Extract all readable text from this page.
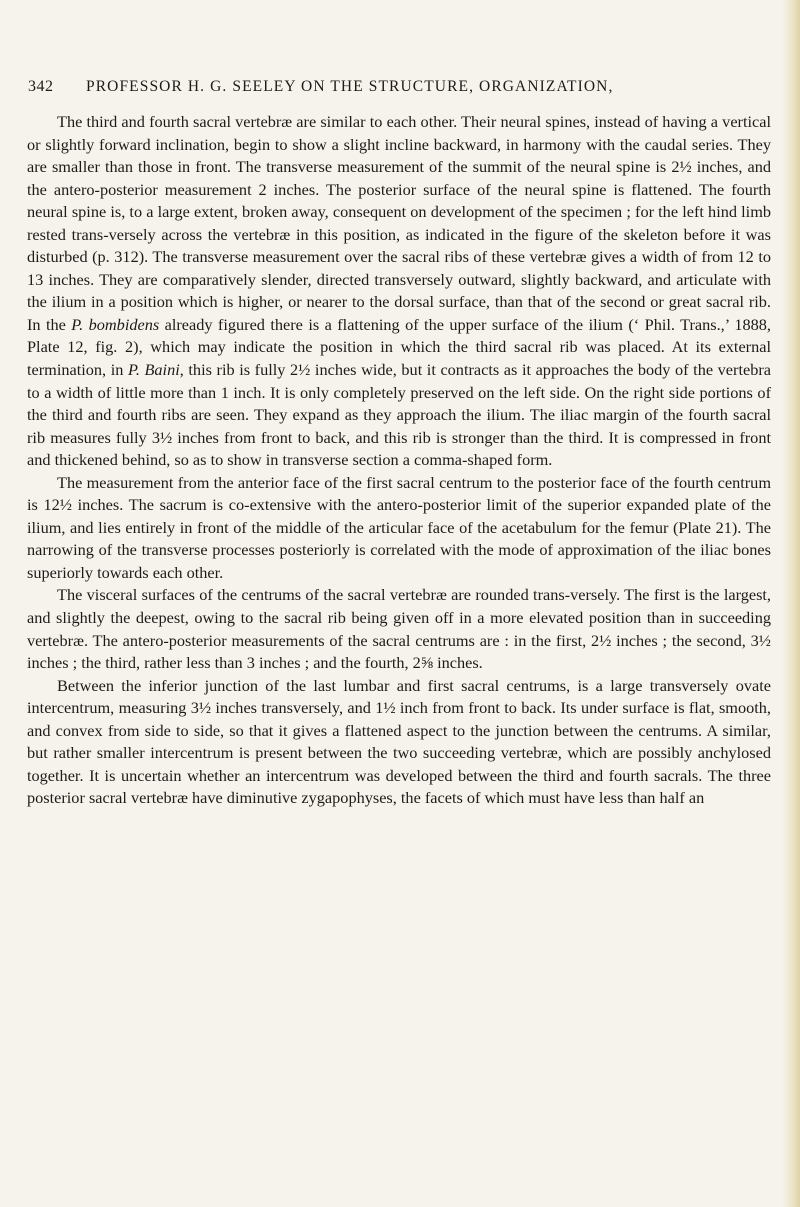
342 PROFESSOR H. G. SEELEY ON THE STRUCTURE, ORGANIZATION,

The third and fourth sacral vertebræ are similar to each other. Their neural spines, instead of having a vertical or slightly forward inclination, begin to show a slight incline backward, in harmony with the caudal series. They are smaller than those in front. The transverse measurement of the summit of the neural spine is 2½ inches, and the antero-posterior measurement 2 inches. The posterior surface of the neural spine is flattened. The fourth neural spine is, to a large extent, broken away, consequent on development of the specimen ; for the left hind limb rested trans-versely across the vertebræ in this position, as indicated in the figure of the skeleton before it was disturbed (p. 312). The transverse measurement over the sacral ribs of these vertebræ gives a width of from 12 to 13 inches. They are comparatively slender, directed transversely outward, slightly backward, and articulate with the ilium in a position which is higher, or nearer to the dorsal surface, than that of the second or great sacral rib. In the P. bombidens already figured there is a flattening of the upper surface of the ilium (‘ Phil. Trans.,’ 1888, Plate 12, fig. 2), which may indicate the position in which the third sacral rib was placed. At its external termination, in P. Baini, this rib is fully 2½ inches wide, but it contracts as it approaches the body of the vertebra to a width of little more than 1 inch. It is only completely preserved on the left side. On the right side portions of the third and fourth ribs are seen. They expand as they approach the ilium. The iliac margin of the fourth sacral rib measures fully 3½ inches from front to back, and this rib is stronger than the third. It is compressed in front and thickened behind, so as to show in transverse section a comma-shaped form.

The measurement from the anterior face of the first sacral centrum to the posterior face of the fourth centrum is 12½ inches. The sacrum is co-extensive with the antero-posterior limit of the superior expanded plate of the ilium, and lies entirely in front of the middle of the articular face of the acetabulum for the femur (Plate 21). The narrowing of the transverse processes posteriorly is correlated with the mode of approximation of the iliac bones superiorly towards each other.

The visceral surfaces of the centrums of the sacral vertebræ are rounded trans-versely. The first is the largest, and slightly the deepest, owing to the sacral rib being given off in a more elevated position than in succeeding vertebræ. The antero-posterior measurements of the sacral centrums are : in the first, 2½ inches ; the second, 3½ inches ; the third, rather less than 3 inches ; and the fourth, 2⅝ inches.

Between the inferior junction of the last lumbar and first sacral centrums, is a large transversely ovate intercentrum, measuring 3½ inches transversely, and 1½ inch from front to back. Its under surface is flat, smooth, and convex from side to side, so that it gives a flattened aspect to the junction between the centrums. A similar, but rather smaller intercentrum is present between the two succeeding vertebræ, which are possibly anchylosed together. It is uncertain whether an intercentrum was developed between the third and fourth sacrals. The three posterior sacral vertebræ have diminutive zygapophyses, the facets of which must have less than half an
